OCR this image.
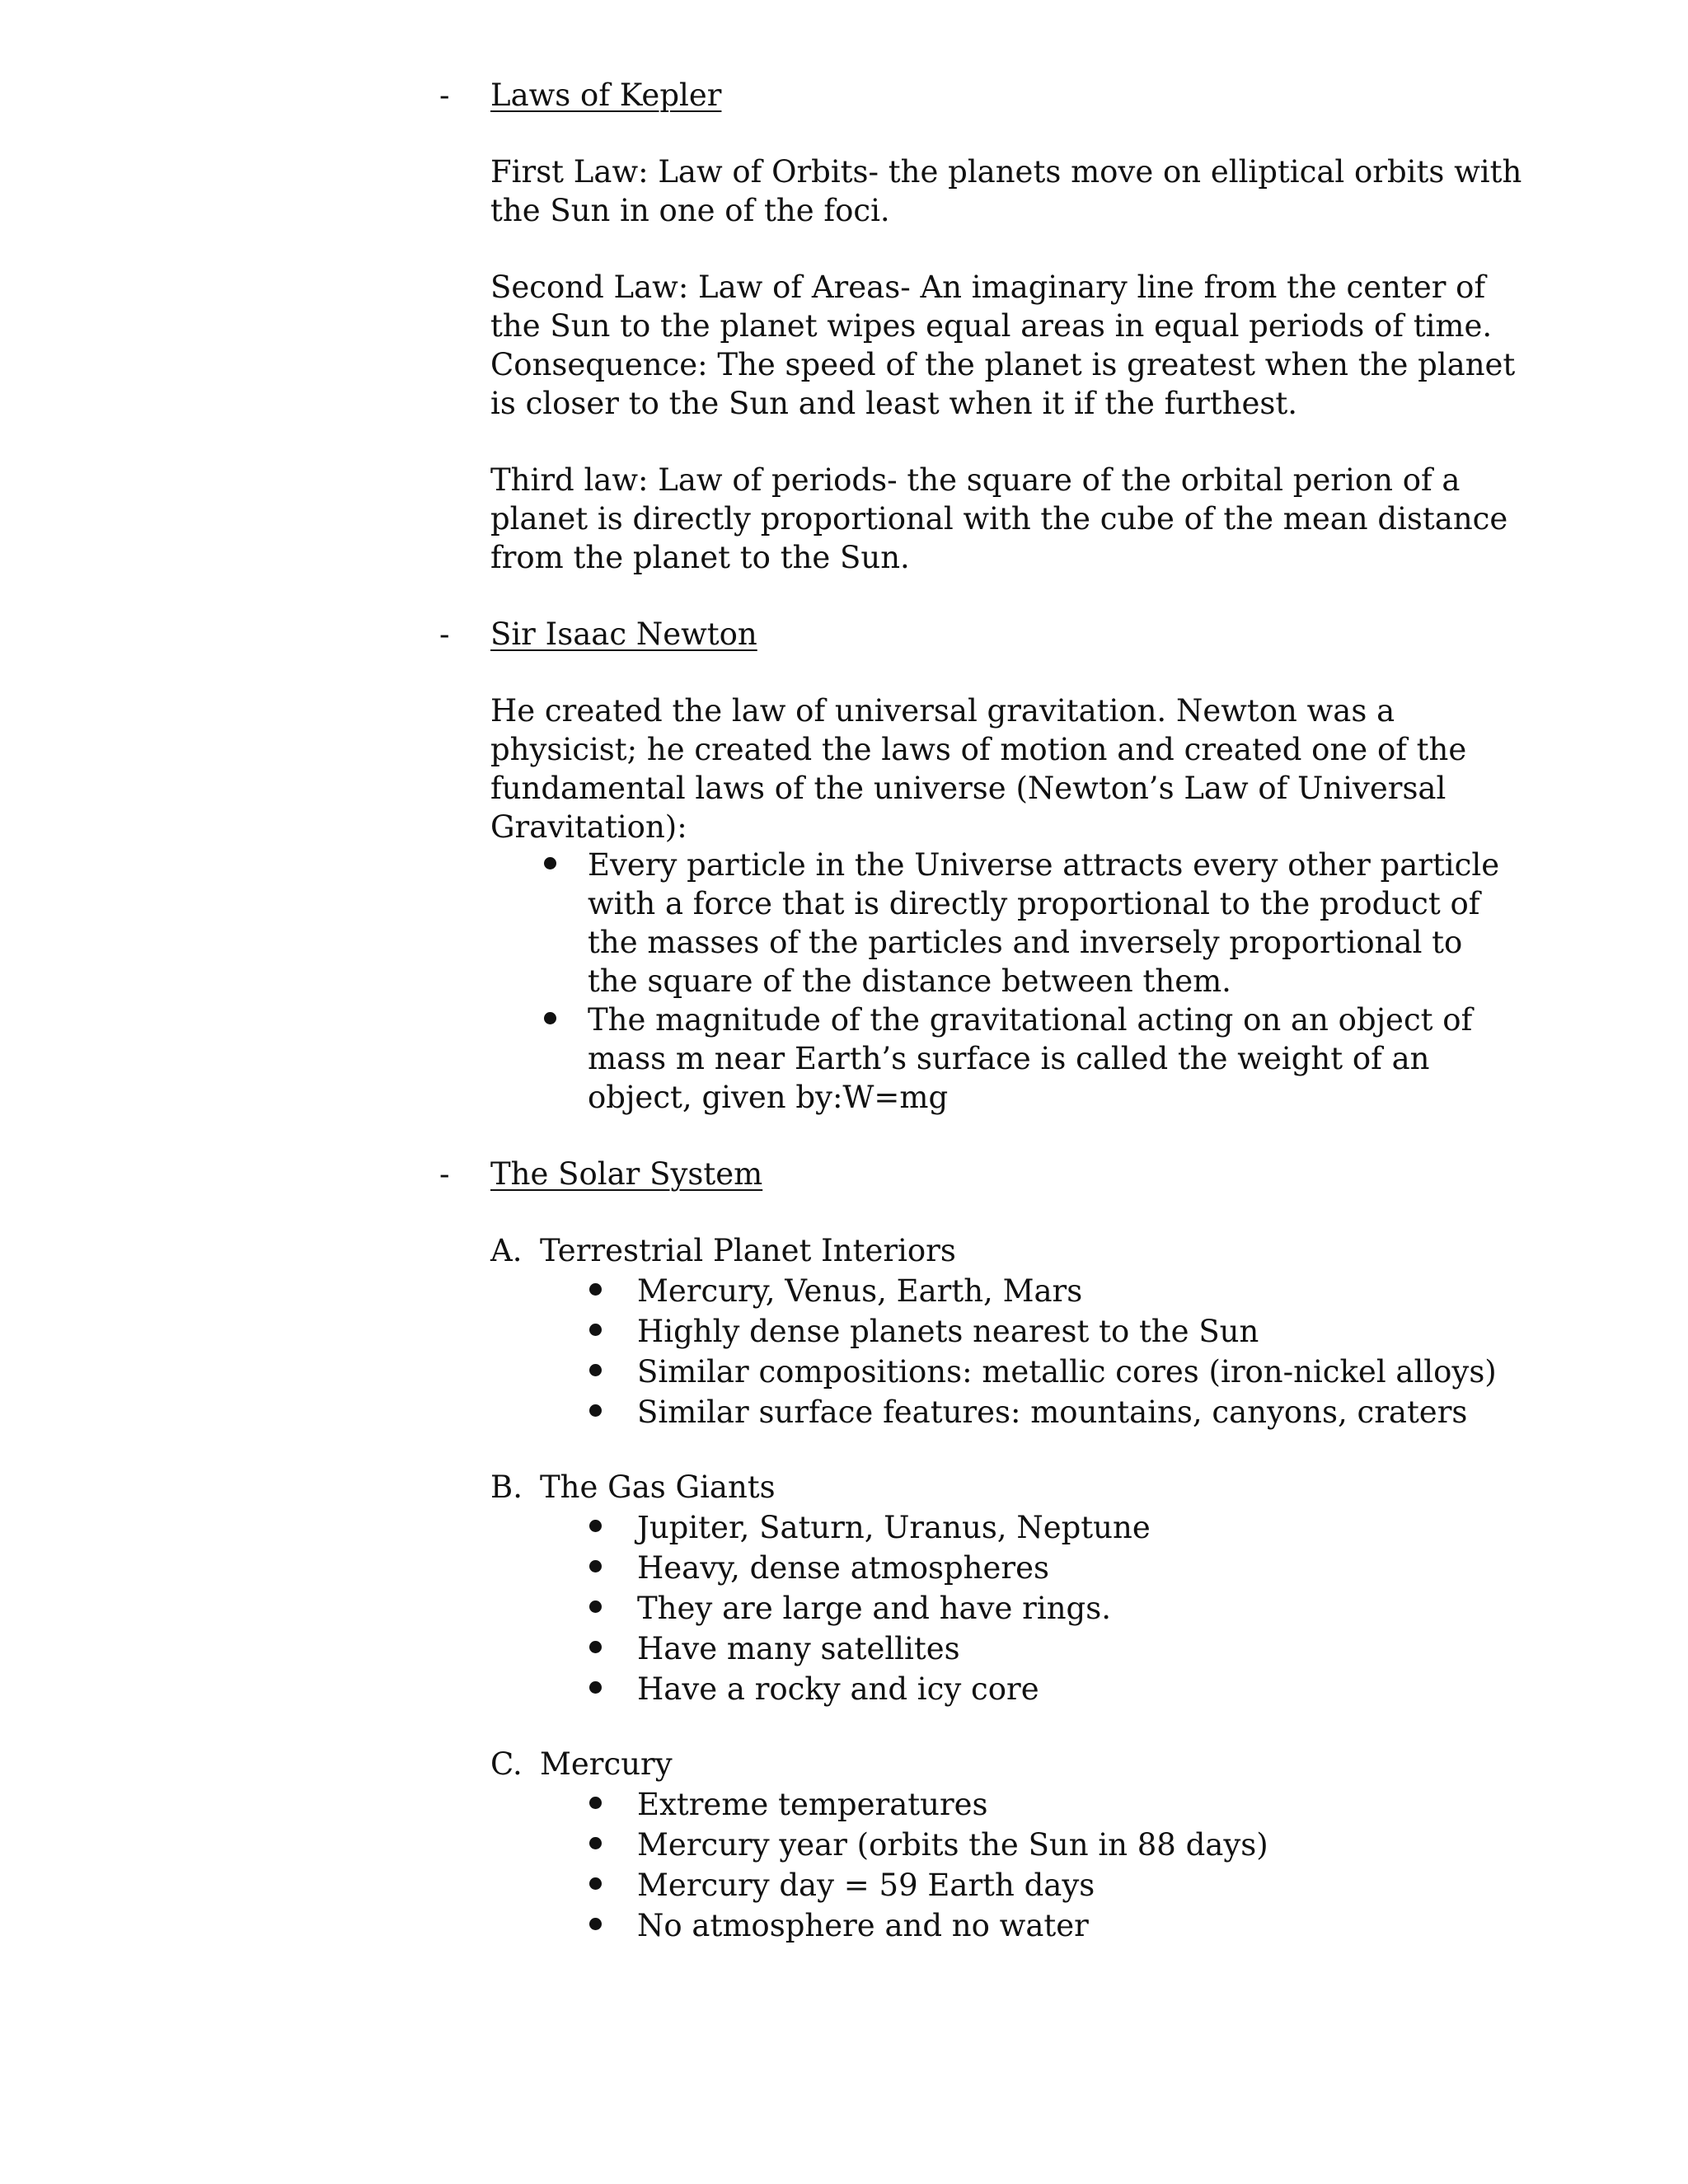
- Laws of Kepler
First Law: Law of Orbits- the planets move on elliptical orbits with
the Sun in one of the foci.
Second Law: Law of Areas- An imaginary line from the center of
the Sun to the planet wipes equal areas in equal periods of time.
Consequence: The speed of the planet is greatest when the planet
is closer to the Sun and least when it if the furthest.
Third law: Law of periods- the square of the orbital perion of a
planet is directly proportional with the cube of the mean distance
from the planet to the Sun.
- Sir Isaac Newton
He created the law of universal gravitation. Newton was a
physicist; he created the laws of motion and created one of the
fundamental laws of the universe (Newton’s Law of Universal
Gravitation):
Every particle in the Universe attracts every other particle
with a force that is directly proportional to the product of
the masses of the particles and inversely proportional to
the square of the distance between them.
The magnitude of the gravitational acting on an object of
mass m near Earth’s surface is called the weight of an
object, given by:W=mg
- The Solar System
A. Terrestrial Planet Interiors
Mercury, Venus, Earth, Mars
Highly dense planets nearest to the Sun
Similar compositions: metallic cores (iron-nickel alloys)
Similar surface features: mountains, canyons, craters
B. The Gas Giants
Jupiter, Saturn, Uranus, Neptune
Heavy, dense atmospheres
They are large and have rings.
Have many satellites
Have a rocky and icy core
C. Mercury
Extreme temperatures
Mercury year (orbits the Sun in 88 days)
Mercury day = 59 Earth days
No atmosphere and no water
